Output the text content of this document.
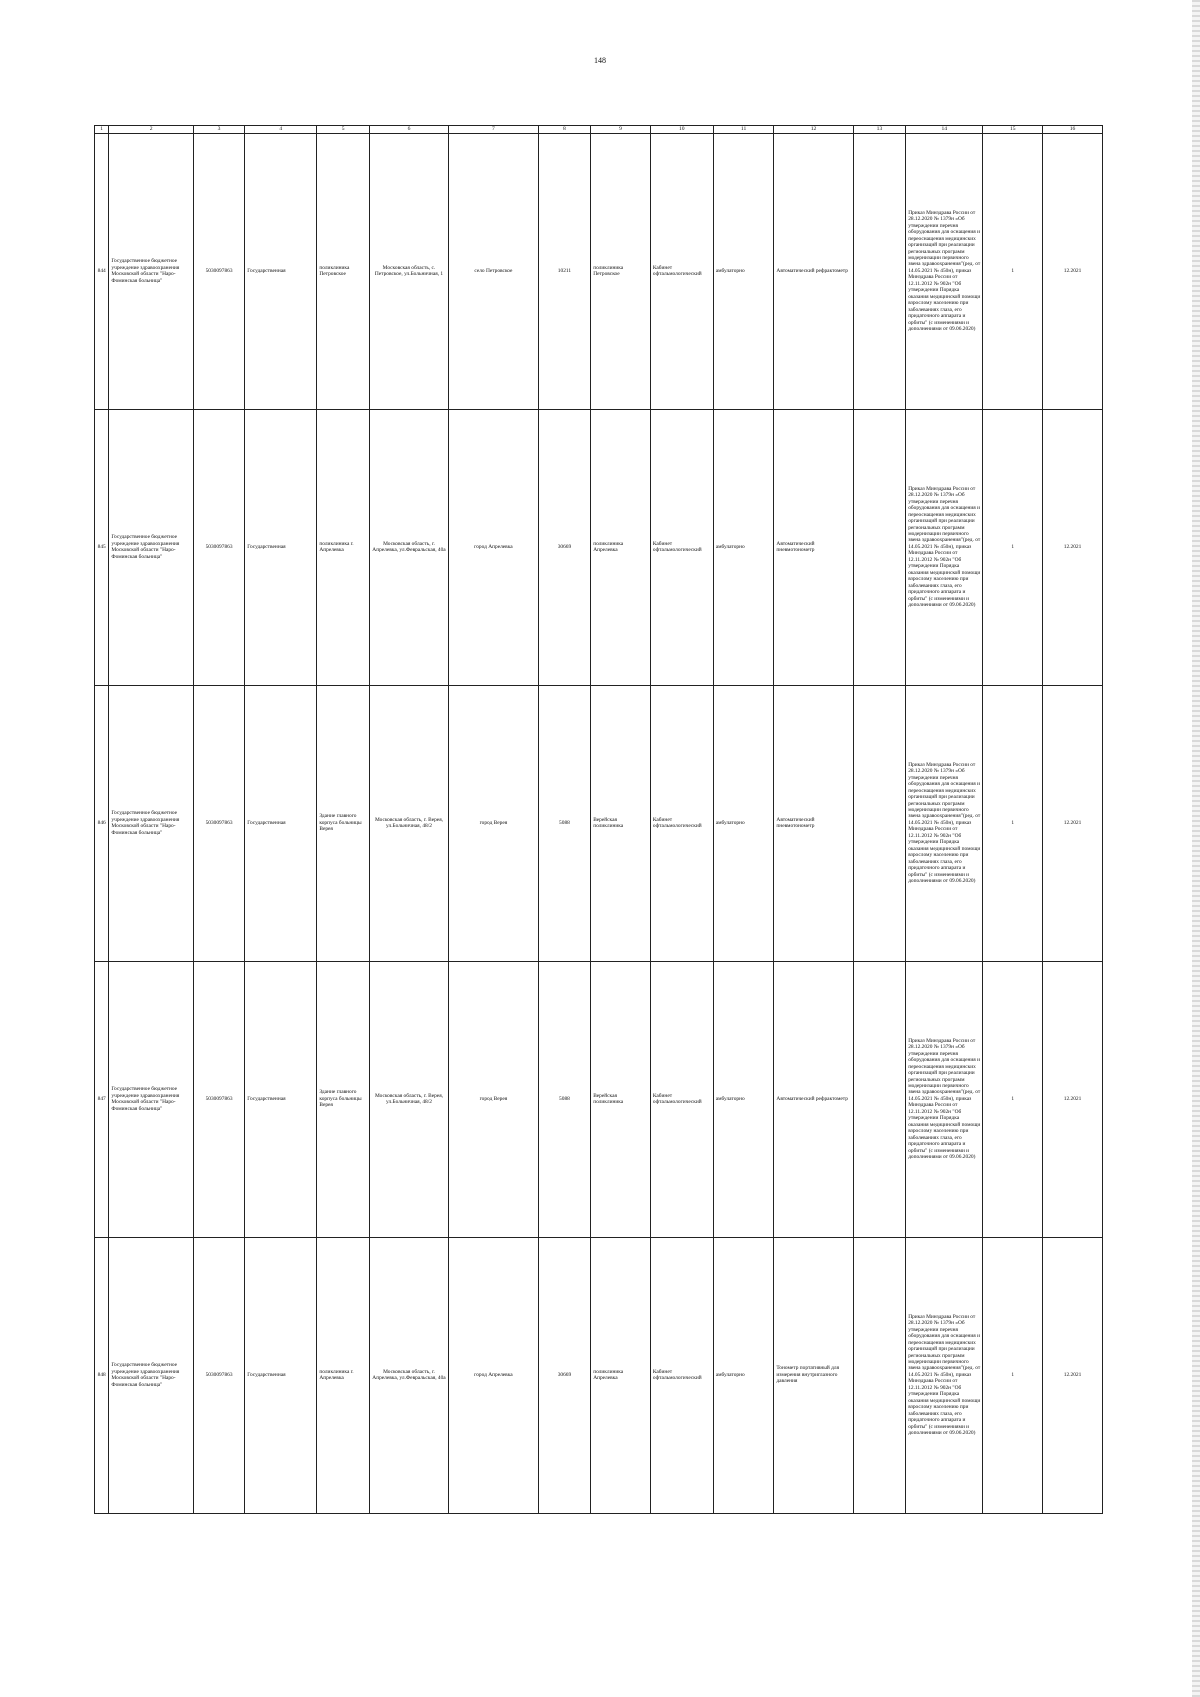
148
1	2	3	4	5	6	7	8	9	10	11	12	13	14	15	16
844	Государственное бюджетное учреждение здравоохранения Московской области "Наро-Фоминская больница"	5030097863	Государственная	поликлиника Петровское	Московская область, с. Петровское, ул.Больничная, 1	село Петровское	10211	поликлиника Петровское	Кабинет офтальмологический	амбулаторно	Автоматический рефрактометр		Приказ Минздрава России от 28.12.2020 № 1379н «Об утверждении перечня оборудования для оснащения и переоснащения медицинских организаций при реализации региональных программ модернизации первичного звена здравоохранения"(ред. от 14.05.2021 № 450н), приказ Минздрава России от 12.11.2012 № 902н "Об утверждении Порядка оказания медицинской помощи взрослому населению при заболеваниях глаза, его придаточного аппарата и орбиты" (с изменениями и дополнениями от 09.06.2020)	1	12.2021
845	Государственное бюджетное учреждение здравоохранения Московской области "Наро-Фоминская больница"	5030097863	Государственная	поликлиника г. Апрелевка	Московская область, г. Апрелевка, ул.Февральская, 40а	город Апрелевка	30669	поликлиника Апрелевка	Кабинет офтальмологический	амбулаторно	Автоматический пневмотонометр		Приказ Минздрава России от 28.12.2020 № 1379н «Об утверждении перечня оборудования для оснащения и переоснащения медицинских организаций при реализации региональных программ модернизации первичного звена здравоохранения"(ред. от 14.05.2021 № 450н), приказ Минздрава России от 12.11.2012 № 902н "Об утверждении Порядка оказания медицинской помощи взрослому населению при заболеваниях глаза, его придаточного аппарата и орбиты" (с изменениями и дополнениями от 09.06.2020)	1	12.2021
846	Государственное бюджетное учреждение здравоохранения Московской области "Наро-Фоминская больница"	5030097863	Государственная	Здание главного корпуса больницы Верея	Московская область, г. Верея, ул.Больничная, 48/2	город Верея	5088	Верейская поликлиника	Кабинет офтальмологический	амбулаторно	Автоматический пневмотонометр		Приказ Минздрава России от 28.12.2020 № 1379н «Об утверждении перечня оборудования для оснащения и переоснащения медицинских организаций при реализации региональных программ модернизации первичного звена здравоохранения"(ред. от 14.05.2021 № 450н), приказ Минздрава России от 12.11.2012 № 902н "Об утверждении Порядка оказания медицинской помощи взрослому населению при заболеваниях глаза, его придаточного аппарата и орбиты" (с изменениями и дополнениями от 09.06.2020)	1	12.2021
847	Государственное бюджетное учреждение здравоохранения Московской области "Наро-Фоминская больница"	5030097863	Государственная	Здание главного корпуса больницы Верея	Московская область, г. Верея, ул.Больничная, 48/2	город Верея	5088	Верейская поликлиника	Кабинет офтальмологический	амбулаторно	Автоматический рефрактометр		Приказ Минздрава России от 28.12.2020 № 1379н «Об утверждении перечня оборудования для оснащения и переоснащения медицинских организаций при реализации региональных программ модернизации первичного звена здравоохранения"(ред. от 14.05.2021 № 450н), приказ Минздрава России от 12.11.2012 № 902н "Об утверждении Порядка оказания медицинской помощи взрослому населению при заболеваниях глаза, его придаточного аппарата и орбиты" (с изменениями и дополнениями от 09.06.2020)	1	12.2021
848	Государственное бюджетное учреждение здравоохранения Московской области "Наро-Фоминская больница"	5030097863	Государственная	поликлиника г. Апрелевка	Московская область, г. Апрелевка, ул.Февральская, 40а	город Апрелевка	30669	поликлиника Апрелевка	Кабинет офтальмологический	амбулаторно	Тонометр портативный для измерения внутриглазного давления		Приказ Минздрава России от 28.12.2020 № 1379н «Об утверждении перечня оборудования для оснащения и переоснащения медицинских организаций при реализации региональных программ модернизации первичного звена здравоохранения"(ред. от 14.05.2021 № 450н), приказ Минздрава России от 12.11.2012 № 902н "Об утверждении Порядка оказания медицинской помощи взрослому населению при заболеваниях глаза, его придаточного аппарата и орбиты" (с изменениями и дополнениями от 09.06.2020)	1	12.2021
